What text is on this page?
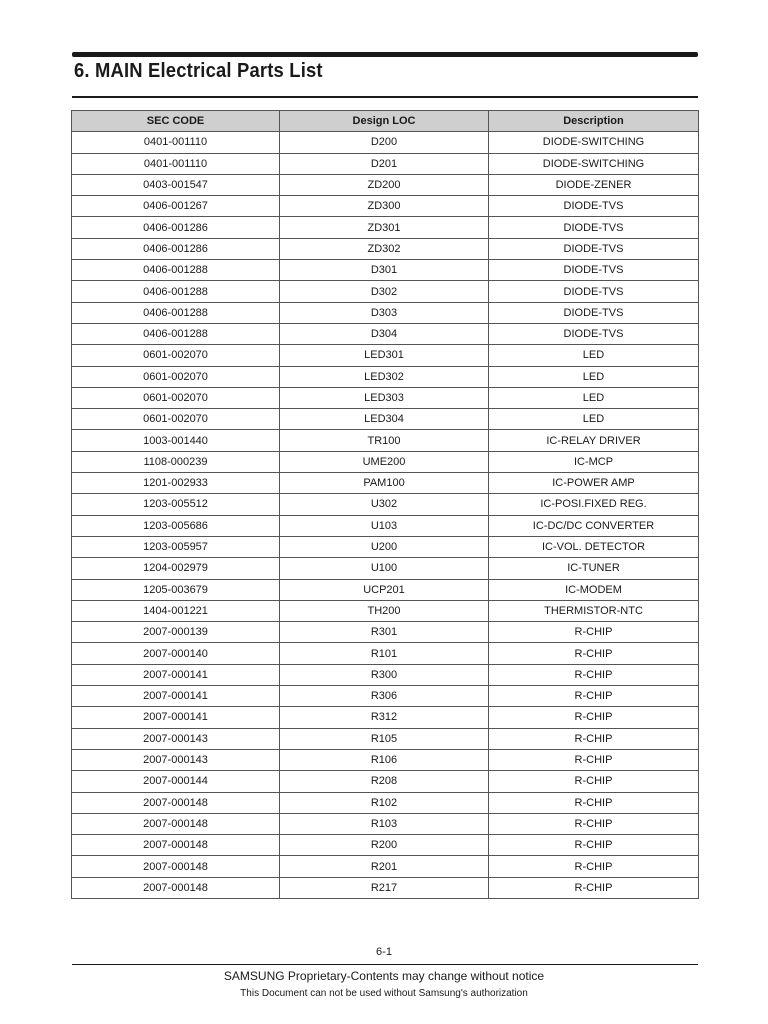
6. MAIN Electrical Parts List
SEC CODE	Design LOC	Description
0401-001110	D200	DIODE-SWITCHING
0401-001110	D201	DIODE-SWITCHING
0403-001547	ZD200	DIODE-ZENER
0406-001267	ZD300	DIODE-TVS
0406-001286	ZD301	DIODE-TVS
0406-001286	ZD302	DIODE-TVS
0406-001288	D301	DIODE-TVS
0406-001288	D302	DIODE-TVS
0406-001288	D303	DIODE-TVS
0406-001288	D304	DIODE-TVS
0601-002070	LED301	LED
0601-002070	LED302	LED
0601-002070	LED303	LED
0601-002070	LED304	LED
1003-001440	TR100	IC-RELAY DRIVER
1108-000239	UME200	IC-MCP
1201-002933	PAM100	IC-POWER AMP
1203-005512	U302	IC-POSI.FIXED REG.
1203-005686	U103	IC-DC/DC CONVERTER
1203-005957	U200	IC-VOL. DETECTOR
1204-002979	U100	IC-TUNER
1205-003679	UCP201	IC-MODEM
1404-001221	TH200	THERMISTOR-NTC
2007-000139	R301	R-CHIP
2007-000140	R101	R-CHIP
2007-000141	R300	R-CHIP
2007-000141	R306	R-CHIP
2007-000141	R312	R-CHIP
2007-000143	R105	R-CHIP
2007-000143	R106	R-CHIP
2007-000144	R208	R-CHIP
2007-000148	R102	R-CHIP
2007-000148	R103	R-CHIP
2007-000148	R200	R-CHIP
2007-000148	R201	R-CHIP
2007-000148	R217	R-CHIP
6-1
SAMSUNG Proprietary-Contents may change without notice
This Document can not be used without Samsung's authorization
